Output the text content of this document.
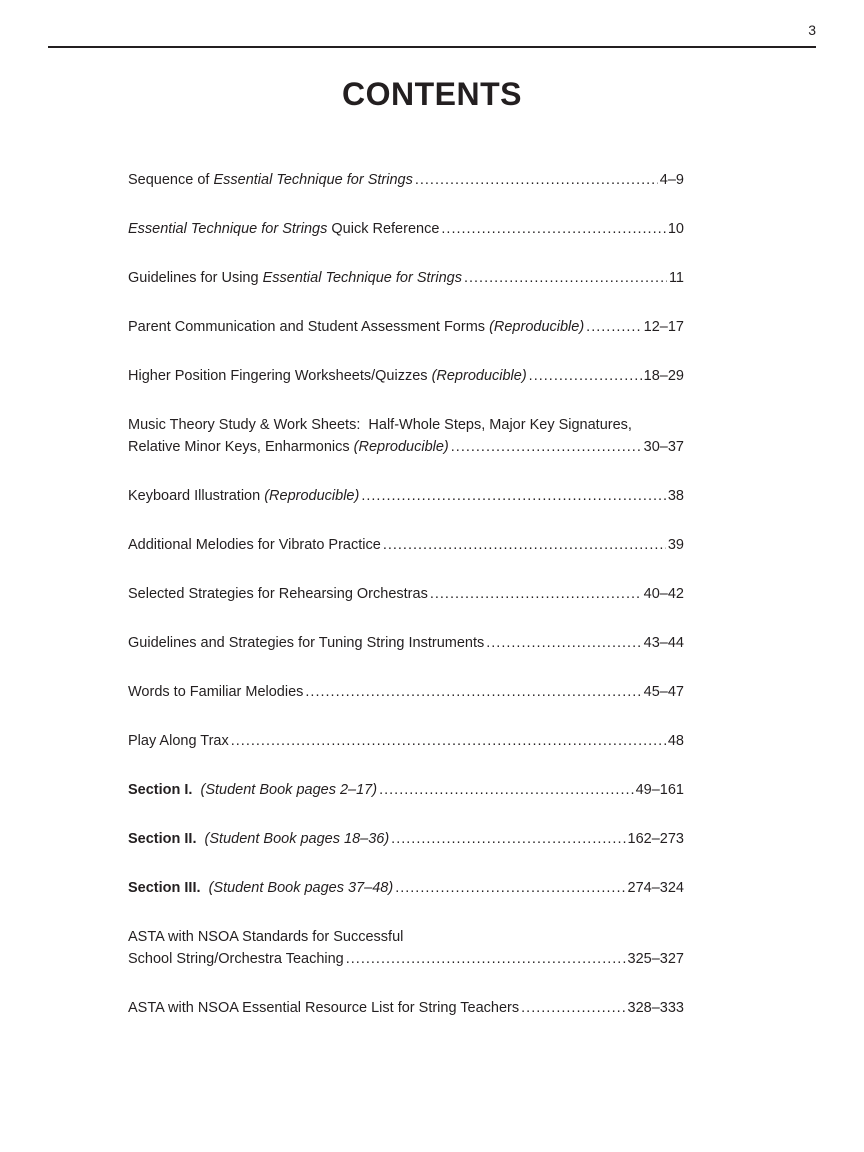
3
CONTENTS
Sequence of Essential Technique for Strings .....	4–9
Essential Technique for Strings Quick Reference .....	10
Guidelines for Using Essential Technique for Strings .....	11
Parent Communication and Student Assessment Forms (Reproducible) .....	12–17
Higher Position Fingering Worksheets/Quizzes (Reproducible) .....	18–29
Music Theory Study & Work Sheets:  Half-Whole Steps, Major Key Signatures,
Relative Minor Keys, Enharmonics (Reproducible) .....	30–37
Keyboard Illustration (Reproducible) .....	38
Additional Melodies for Vibrato Practice .....	39
Selected Strategies for Rehearsing Orchestras .....	40–42
Guidelines and Strategies for Tuning String Instruments .....	43–44
Words to Familiar Melodies .....	45–47
Play Along Trax .....	48
Section I. (Student Book pages 2–17) .....	49–161
Section II. (Student Book pages 18–36) .....	162–273
Section III. (Student Book pages 37–48) .....	274–324
ASTA with NSOA Standards for Successful
School String/Orchestra Teaching .....	325–327
ASTA with NSOA Essential Resource List for String Teachers .....	328–333
